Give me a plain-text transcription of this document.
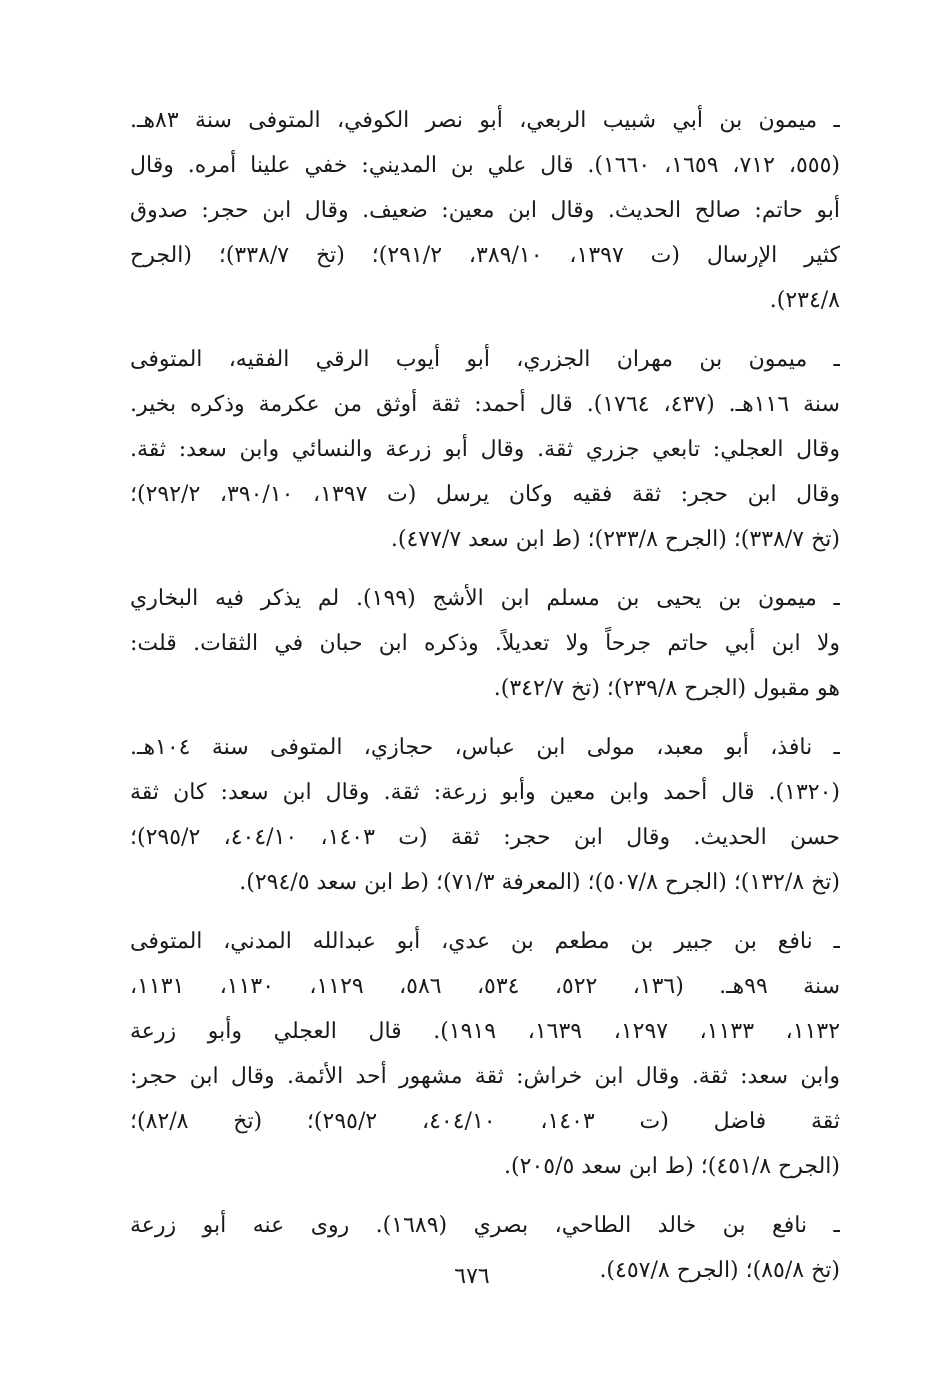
ـ ميمون بن أبي شبيب الربعي، أبو نصر الكوفي، المتوفى سنة ٨٣هـ.
(٥٥٥، ٧١٢، ١٦٥٩، ١٦٦٠). قال علي بن المديني: خفي علينا أمره. وقال
أبو حاتم: صالح الحديث. وقال ابن معين: ضعيف. وقال ابن حجر: صدوق
كثير الإرسال (ت ١٣٩٧، ٣٨٩/١٠، ٢٩١/٢)؛ (تخ ٣٣٨/٧)؛ (الجرح
٢٣٤/٨).
ـ ميمون بن مهران الجزري، أبو أيوب الرقي الفقيه، المتوفى
سنة ١١٦هـ. (٤٣٧، ١٧٦٤). قال أحمد: ثقة أوثق من عكرمة وذكره بخير.
وقال العجلي: تابعي جزري ثقة. وقال أبو زرعة والنسائي وابن سعد: ثقة.
وقال ابن حجر: ثقة فقيه وكان يرسل (ت ١٣٩٧، ٣٩٠/١٠، ٢٩٢/٢)؛
(تخ ٣٣٨/٧)؛ (الجرح ٢٣٣/٨)؛ (ط ابن سعد ٤٧٧/٧).
ـ ميمون بن يحيى بن مسلم ابن الأشج (١٩٩). لم يذكر فيه البخاري
ولا ابن أبي حاتم جرحاً ولا تعديلاً. وذكره ابن حبان في الثقات. قلت:
هو مقبول (الجرح ٢٣٩/٨)؛ (تخ ٣٤٢/٧).
ـ نافذ، أبو معبد، مولى ابن عباس، حجازي، المتوفى سنة ١٠٤هـ.
(١٣٢٠). قال أحمد وابن معين وأبو زرعة: ثقة. وقال ابن سعد: كان ثقة
حسن الحديث. وقال ابن حجر: ثقة (ت ١٤٠٣، ٤٠٤/١٠، ٢٩٥/٢)؛
(تخ ١٣٢/٨)؛ (الجرح ٥٠٧/٨)؛ (المعرفة ٧١/٣)؛ (ط ابن سعد ٢٩٤/٥).
ـ نافع بن جبير بن مطعم بن عدي، أبو عبدالله المدني، المتوفى
سنة ٩٩هـ. (١٣٦، ٥٢٢، ٥٣٤، ٥٨٦، ١١٢٩، ١١٣٠، ١١٣١،
١١٣٢، ١١٣٣، ١٢٩٧، ١٦٣٩، ١٩١٩). قال العجلي وأبو زرعة
وابن سعد: ثقة. وقال ابن خراش: ثقة مشهور أحد الأئمة. وقال ابن حجر:
ثقة فاضل (ت ١٤٠٣، ٤٠٤/١٠، ٢٩٥/٢)؛ (تخ ٨٢/٨)؛
(الجرح ٤٥١/٨)؛ (ط ابن سعد ٢٠٥/٥).
ـ نافع بن خالد الطاحي، بصري (١٦٨٩). روى عنه أبو زرعة
(تخ ٨٥/٨)؛ (الجرح ٤٥٧/٨).
٦٧٦
